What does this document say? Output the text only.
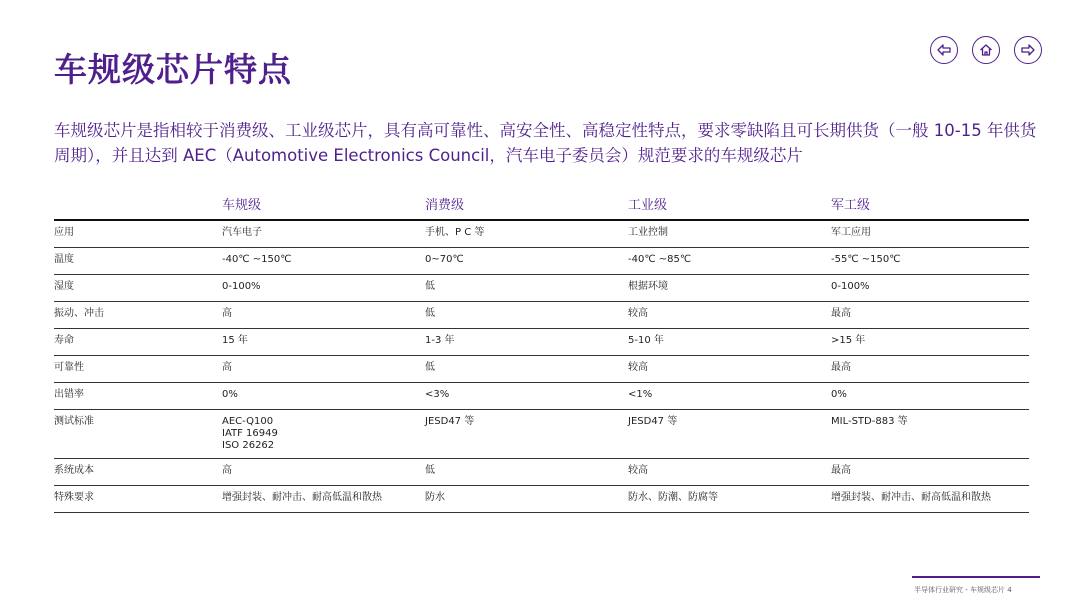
车规级芯片特点

车规级芯片是指相较于消费级、工业级芯片，具有高可靠性、高安全性、高稳定性特点，要求零缺陷且可长期供货（一般 10-15 年供货周期），并且达到 AEC（Automotive Electronics Council，汽车电子委员会）规范要求的车规级芯片

	车规级	消费级	工业级	军工级
应用	汽车电子	手机、P C 等	工业控制	军工应用
温度	-40℃ ~150℃	0~70℃	-40℃ ~85℃	-55℃ ~150℃
湿度	0-100%	低	根据环境	0-100%
振动、冲击	高	低	较高	最高
寿命	15 年	1-3 年	5-10 年	>15 年
可靠性	高	低	较高	最高
出错率	0%	<3%	<1%	0%
测试标准	AEC-Q100
IATF 16949
ISO 26262	JESD47 等	JESD47 等	MIL-STD-883 等
系统成本	高	低	较高	最高
特殊要求	增强封装、耐冲击、耐高低温和散热	防水	防水、防潮、防腐等	增强封装、耐冲击、耐高低温和散热
半导体行业研究 - 车规级芯片 4
